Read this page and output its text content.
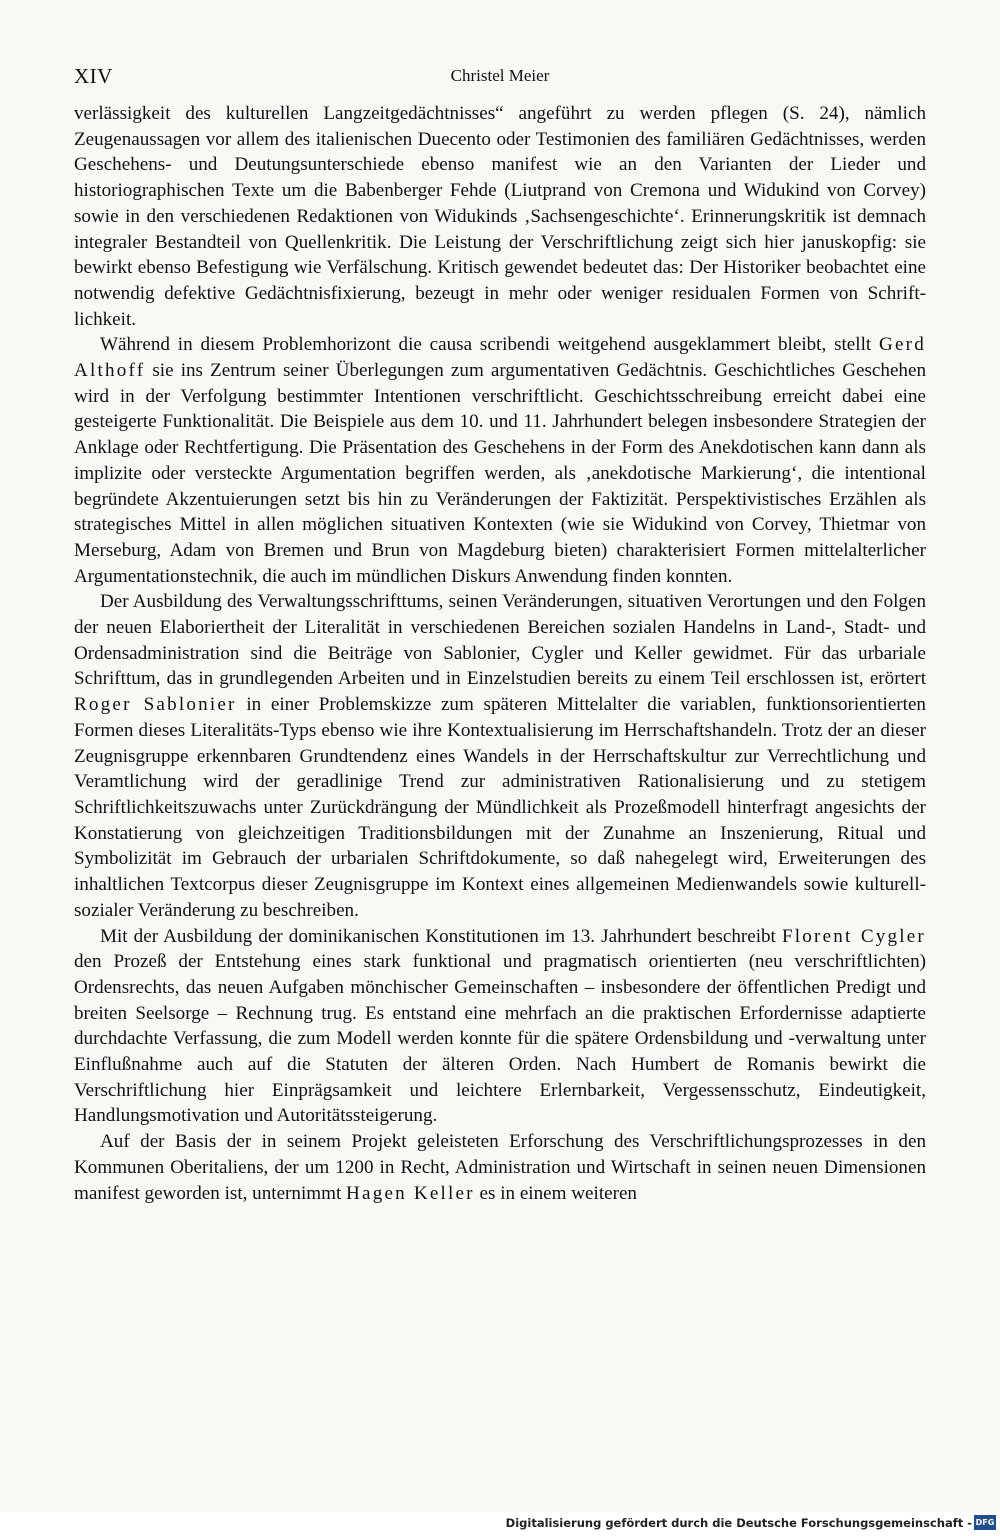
XIV	Christel Meier

verlässigkeit des kulturellen Langzeitgedächtnisses“ angeführt zu werden pflegen (S. 24), nämlich Zeugenaussagen vor allem des italienischen Duecento oder Testimonien des familiären Gedächtnisses, werden Geschehens- und Deutungsunterschiede ebenso manifest wie an den Varianten der Lieder und historiographischen Texte um die Babenberger Fehde (Liutprand von Cremona und Widukind von Corvey) sowie in den verschiedenen Redaktionen von Widukinds ‚Sachsengeschichte‘. Erinnerungskritik ist demnach integraler Bestandteil von Quellenkritik. Die Leistung der Verschriftlichung zeigt sich hier januskopfig: sie bewirkt ebenso Befestigung wie Verfälschung. Kritisch gewendet bedeutet das: Der Historiker beobachtet eine notwendig defektive Gedächtnisfixierung, bezeugt in mehr oder weniger residualen Formen von Schriftlichkeit.

Während in diesem Problemhorizont die causa scribendi weitgehend ausgeklammert bleibt, stellt Gerd Althoff sie ins Zentrum seiner Überlegungen zum argumentativen Gedächtnis. Geschichtliches Geschehen wird in der Verfolgung bestimmter Intentionen verschriftlicht. Geschichtsschreibung erreicht dabei eine gesteigerte Funktionalität. Die Beispiele aus dem 10. und 11. Jahrhundert belegen insbesondere Strategien der Anklage oder Rechtfertigung. Die Präsentation des Geschehens in der Form des Anekdotischen kann dann als implizite oder versteckte Argumentation begriffen werden, als ‚anekdotische Markierung‘, die intentional begründete Akzentuierungen setzt bis hin zu Veränderungen der Faktizität. Perspektivistisches Erzählen als strategisches Mittel in allen möglichen situativen Kontexten (wie sie Widukind von Corvey, Thietmar von Merseburg, Adam von Bremen und Brun von Magdeburg bieten) charakterisiert Formen mittelalterlicher Argumentationstechnik, die auch im mündlichen Diskurs Anwendung finden konnten.

Der Ausbildung des Verwaltungsschrifttums, seinen Veränderungen, situativen Verortungen und den Folgen der neuen Elaboriertheit der Literalität in verschiedenen Bereichen sozialen Handelns in Land-, Stadt- und Ordensadministration sind die Beiträge von Sablonier, Cygler und Keller gewidmet. Für das urbariale Schrifttum, das in grundlegenden Arbeiten und in Einzelstudien bereits zu einem Teil erschlossen ist, erörtert Roger Sablonier in einer Problemskizze zum späteren Mittelalter die variablen, funktionsorientierten Formen dieses Literalitäts-Typs ebenso wie ihre Kontextualisierung im Herrschaftshandeln. Trotz der an dieser Zeugnisgruppe erkennbaren Grundtendenz eines Wandels in der Herrschaftskultur zur Verrechtlichung und Veramtlichung wird der geradlinige Trend zur administrativen Rationalisierung und zu stetigem Schriftlichkeitszuwachs unter Zurückdrängung der Mündlichkeit als Prozeßmodell hinterfragt angesichts der Konstatierung von gleichzeitigen Traditionsbildungen mit der Zunahme an Inszenierung, Ritual und Symbolizität im Gebrauch der urbarialen Schriftdokumente, so daß nahegelegt wird, Erweiterungen des inhaltlichen Textcorpus dieser Zeugnisgruppe im Kontext eines allgemeinen Medienwandels sowie kulturell-sozialer Veränderung zu beschreiben.

Mit der Ausbildung der dominikanischen Konstitutionen im 13. Jahrhundert beschreibt Florent Cygler den Prozeß der Entstehung eines stark funktional und pragmatisch orientierten (neu verschriftlichten) Ordensrechts, das neuen Aufgaben mönchischer Gemeinschaften – insbesondere der öffentlichen Predigt und breiten Seelsorge – Rechnung trug. Es entstand eine mehrfach an die praktischen Erfordernisse adaptierte durchdachte Verfassung, die zum Modell werden konnte für die spätere Ordensbildung und -verwaltung unter Einflußnahme auch auf die Statuten der älteren Orden. Nach Humbert de Romanis bewirkt die Verschriftlichung hier Einprägsamkeit und leichtere Erlernbarkeit, Vergessensschutz, Eindeutigkeit, Handlungsmotivation und Autoritätssteigerung.

Auf der Basis der in seinem Projekt geleisteten Erforschung des Verschriftlichungsprozesses in den Kommunen Oberitaliens, der um 1200 in Recht, Administration und Wirtschaft in seinen neuen Dimensionen manifest geworden ist, unternimmt Hagen Keller es in einem weiteren

Digitalisierung gefördert durch die Deutsche Forschungsgemeinschaft - DFG
